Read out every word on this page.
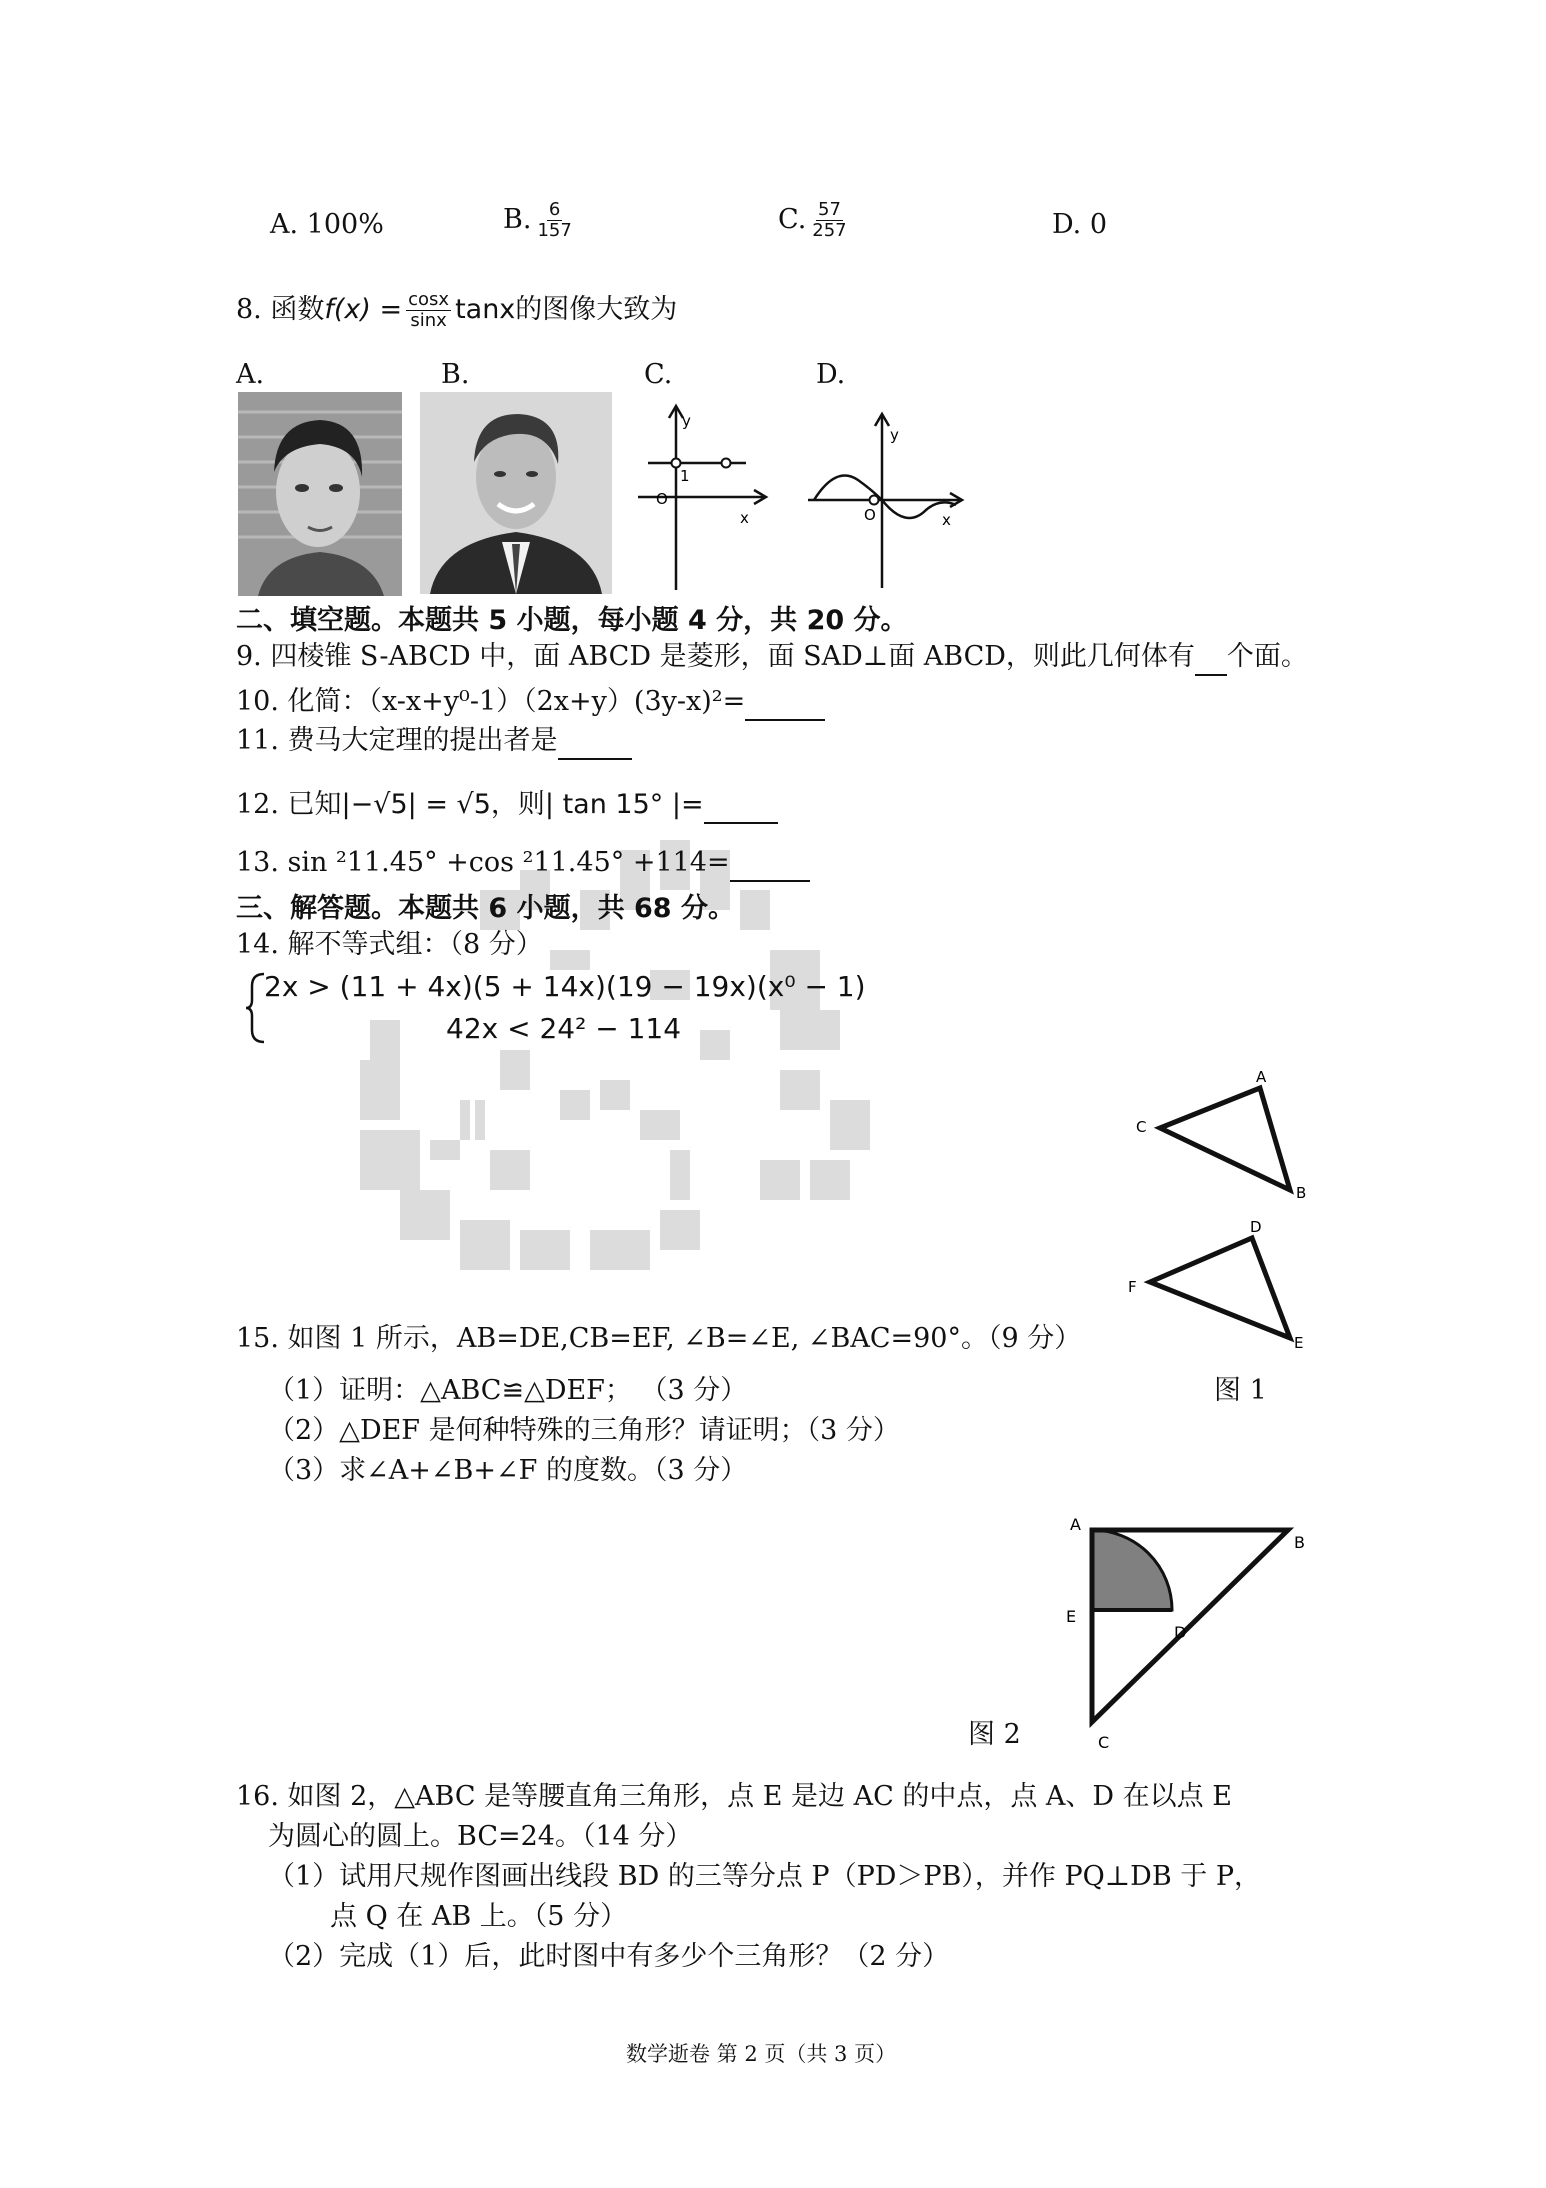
A. 100%	B. $\frac{6}{157}$	C. $\frac{57}{257}$	D. 0
8. 函数$f(x) = \frac{\cos x}{\sin x}$ tanx的图像大致为
A.	B.	C.	D.
y
1
O
x
y
O	x
二、填空题。本题共 5 小题，每小题 4 分，共 20 分。
9. 四棱锥 S-ABCD 中，面 ABCD 是菱形，面 SAD⊥面 ABCD，则此几何体有 个面。
10. 化简：（x-x+y⁰-1）（2x+y）(3y-x)²=
11. 费马大定理的提出者是
12. 已知|−√5| = √5，则| tan 15° |=
13. sin ²11.45° +cos ²11.45° +114=
三、解答题。本题共 6 小题，共 68 分。
14. 解不等式组：（8 分）
2x > (11 + 4x)(5 + 14x)(19 − 19x)(x⁰ − 1)
42x < 24² − 114
A
B
C
D
E
F
15. 如图 1 所示，AB=DE,CB=EF, ∠B=∠E, ∠BAC=90°。（9 分）
图 1
（1）证明：△ABC≌△DEF； （3 分）
（2）△DEF 是何种特殊的三角形？请证明；（3 分）
（3）求∠A+∠B+∠F 的度数。（3 分）
A
B
E
D
C
图 2
16. 如图 2，△ABC 是等腰直角三角形，点 E 是边 AC 的中点，点 A、D 在以点 E
为圆心的圆上。BC=24。（14 分）
（1）试用尺规作图画出线段 BD 的三等分点 P（PD＞PB），并作 PQ⊥DB 于 P，
点 Q 在 AB 上。（5 分）
（2）完成（1）后，此时图中有多少个三角形？（2 分）
数学逝卷 第 2 页（共 3 页）
